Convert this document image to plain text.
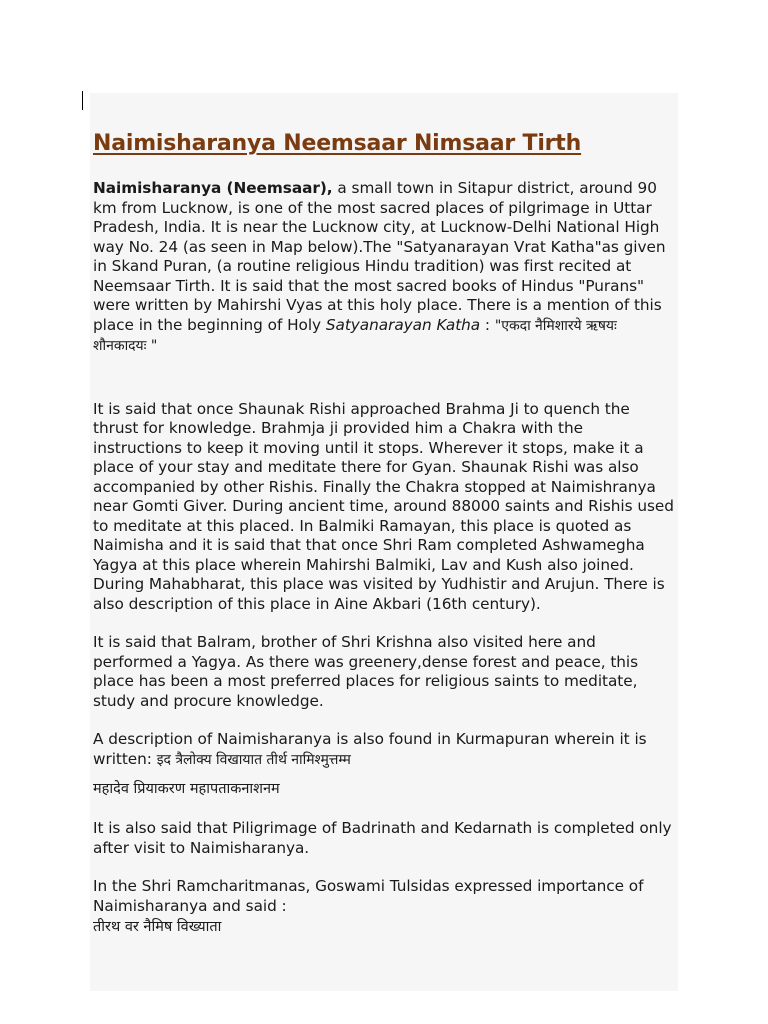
Naimisharanya Neemsaar Nimsaar Tirth

Naimisharanya (Neemsaar), a small town in Sitapur district, around 90 km from Lucknow, is one of the most sacred places of pilgrimage in Uttar Pradesh, India. It is near the Lucknow city, at Lucknow-Delhi National High way No. 24 (as seen in Map below).The "Satyanarayan Vrat Katha"as given in Skand Puran, (a routine religious Hindu tradition) was first recited at Neemsaar Tirth. It is said that the most sacred books of Hindus "Purans" were written by Mahirshi Vyas at this holy place. There is a mention of this place in the beginning of Holy Satyanarayan Katha : "एकदा नैमिशारये ऋषयः शौनकादयः "

It is said that once Shaunak Rishi approached Brahma Ji to quench the thrust for knowledge. Brahmja ji provided him a Chakra with the instructions to keep it moving until it stops. Wherever it stops, make it a place of your stay and meditate there for Gyan. Shaunak Rishi was also accompanied by other Rishis. Finally the Chakra stopped at Naimishranya near Gomti Giver. During ancient time, around 88000 saints and Rishis used to meditate at this placed. In Balmiki Ramayan, this place is quoted as Naimisha and it is said that that once Shri Ram completed Ashwamegha Yagya at this place wherein Mahirshi Balmiki, Lav and Kush also joined. During Mahabharat, this place was visited by Yudhistir and Arujun. There is also description of this place in Aine Akbari (16th century).

It is said that Balram, brother of Shri Krishna also visited here and performed a Yagya. As there was greenery,dense forest and peace, this place has been a most preferred places for religious saints to meditate, study and procure knowledge.

A description of Naimisharanya is also found in Kurmapuran wherein it is written: इद त्रैलोक्य विखायात तीर्थ नामिश्मुत्तम्म

महादेव प्रियाकरण महापताकनाशनम

It is also said that Piligrimage of Badrinath and Kedarnath is completed only after visit to Naimisharanya.

In the Shri Ramcharitmanas, Goswami Tulsidas expressed importance of Naimisharanya and said :

तीरथ वर नैमिष विख्याता
